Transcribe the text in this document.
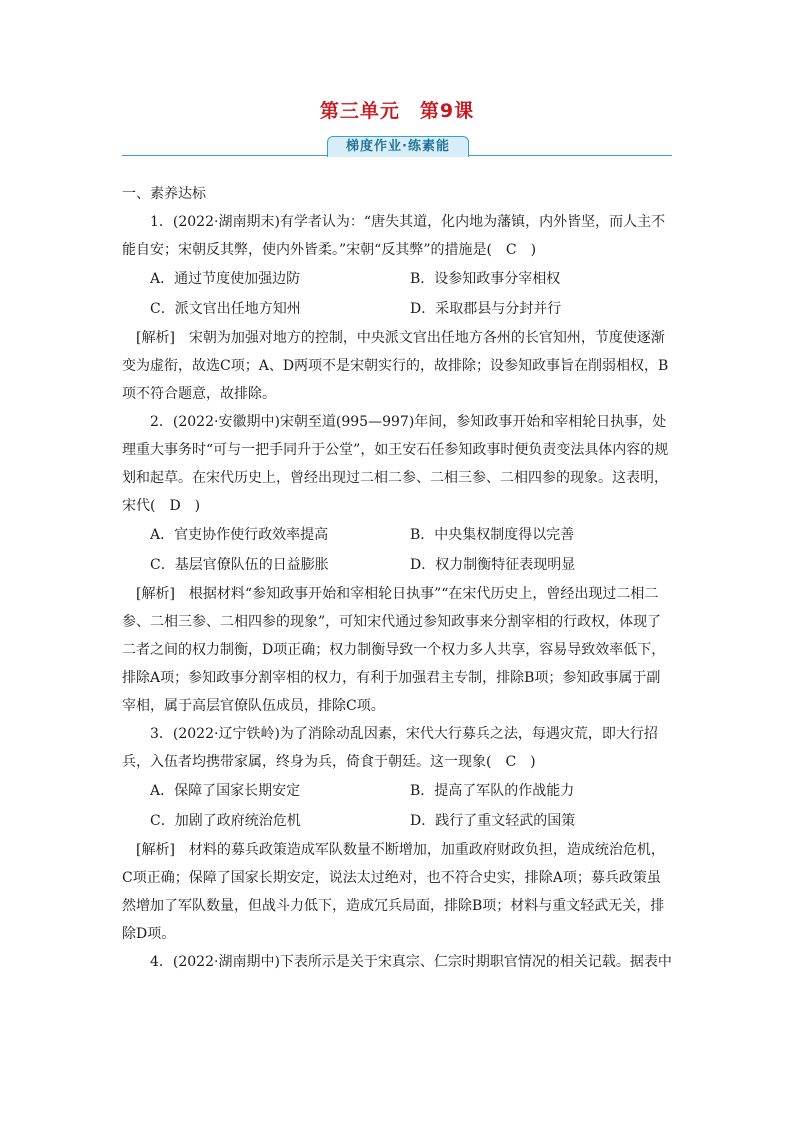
第三单元　第9课
梯度作业·练素能

一、素养达标

1．(2022·湖南期末)有学者认为：“唐失其道，化内地为藩镇，内外皆坚，而人主不能自安；宋朝反其弊，使内外皆柔。”宋朝“反其弊”的措施是(　C　)

A．通过节度使加强边防	B．设参知政事分宰相权
C．派文官出任地方知州	D．采取郡县与分封并行

[解析]　宋朝为加强对地方的控制，中央派文官出任地方各州的长官知州，节度使逐渐变为虚衔，故选C项；A、D两项不是宋朝实行的，故排除；设参知政事旨在削弱相权，B项不符合题意，故排除。

2．(2022·安徽期中)宋朝至道(995—997)年间，参知政事开始和宰相轮日执事，处理重大事务时“可与一把手同升于公堂”，如王安石任参知政事时便负责变法具体内容的规划和起草。在宋代历史上，曾经出现过二相二参、二相三参、二相四参的现象。这表明，宋代(　D　)

A．官吏协作使行政效率提高	B．中央集权制度得以完善
C．基层官僚队伍的日益膨胀	D．权力制衡特征表现明显

[解析]　根据材料“参知政事开始和宰相轮日执事”“在宋代历史上，曾经出现过二相二参、二相三参、二相四参的现象”，可知宋代通过参知政事来分割宰相的行政权，体现了二者之间的权力制衡，D项正确；权力制衡导致一个权力多人共享，容易导致效率低下，排除A项；参知政事分割宰相的权力，有利于加强君主专制，排除B项；参知政事属于副宰相，属于高层官僚队伍成员，排除C项。

3．(2022·辽宁铁岭)为了消除动乱因素，宋代大行募兵之法，每遇灾荒，即大行招兵，入伍者均携带家属，终身为兵，倚食于朝廷。这一现象(　C　)

A．保障了国家长期安定	B．提高了军队的作战能力
C．加剧了政府统治危机	D．践行了重文轻武的国策

[解析]　材料的募兵政策造成军队数量不断增加，加重政府财政负担，造成统治危机，C项正确；保障了国家长期安定，说法太过绝对，也不符合史实，排除A项；募兵政策虽然增加了军队数量，但战斗力低下，造成冗兵局面，排除B项；材料与重文轻武无关，排除D项。

4．(2022·湖南期中)下表所示是关于宋真宗、仁宗时期职官情况的相关记载。据表中
